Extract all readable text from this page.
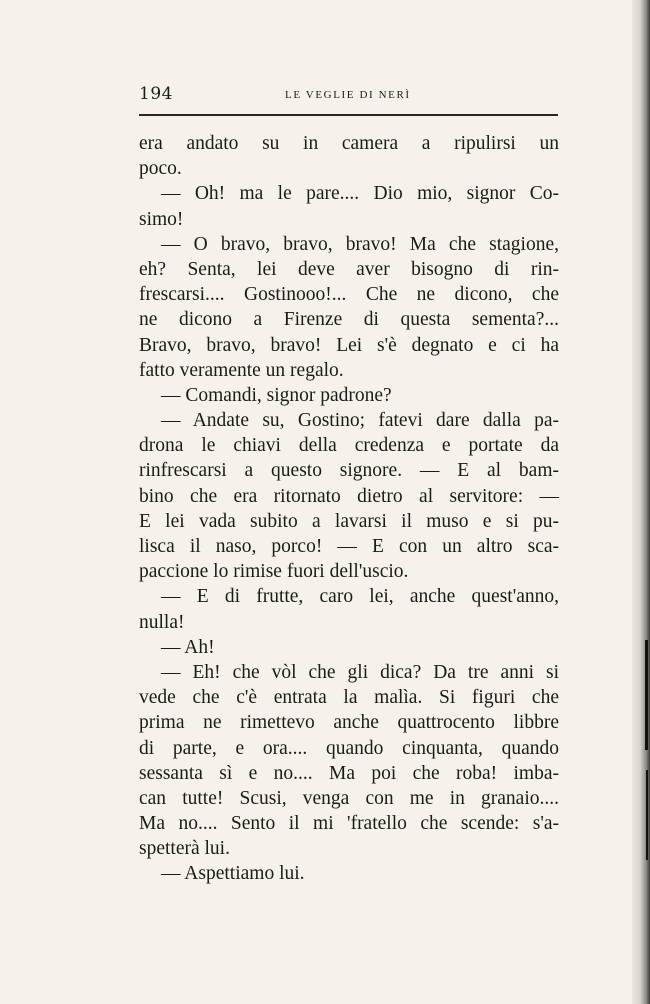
194	LE VEGLIE DI NERÌ
era andato su in camera a ripulirsi un
poco.
— Oh! ma le pare.... Dio mio, signor Co-
simo!
— O bravo, bravo, bravo! Ma che stagione,
eh? Senta, lei deve aver bisogno di rin-
frescarsi.... Gostinooo!... Che ne dicono, che
ne dicono a Firenze di questa sementa?...
Bravo, bravo, bravo! Lei s'è degnato e ci ha
fatto veramente un regalo.
— Comandi, signor padrone?
— Andate su, Gostino; fatevi dare dalla pa-
drona le chiavi della credenza e portate da
rinfrescarsi a questo signore. — E al bam-
bino che era ritornato dietro al servitore: —
E lei vada subito a lavarsi il muso e si pu-
lisca il naso, porco! — E con un altro sca-
paccione lo rimise fuori dell'uscio.
— E di frutte, caro lei, anche quest'anno,
nulla!
— Ah!
— Eh! che vòl che gli dica? Da tre anni si
vede che c'è entrata la malìa. Si figuri che
prima ne rimettevo anche quattrocento libbre
di parte, e ora.... quando cinquanta, quando
sessanta sì e no.... Ma poi che roba! imba-
can tutte! Scusi, venga con me in granaio....
Ma no.... Sento il mi 'fratello che scende: s'a-
spetterà lui.
— Aspettiamo lui.
